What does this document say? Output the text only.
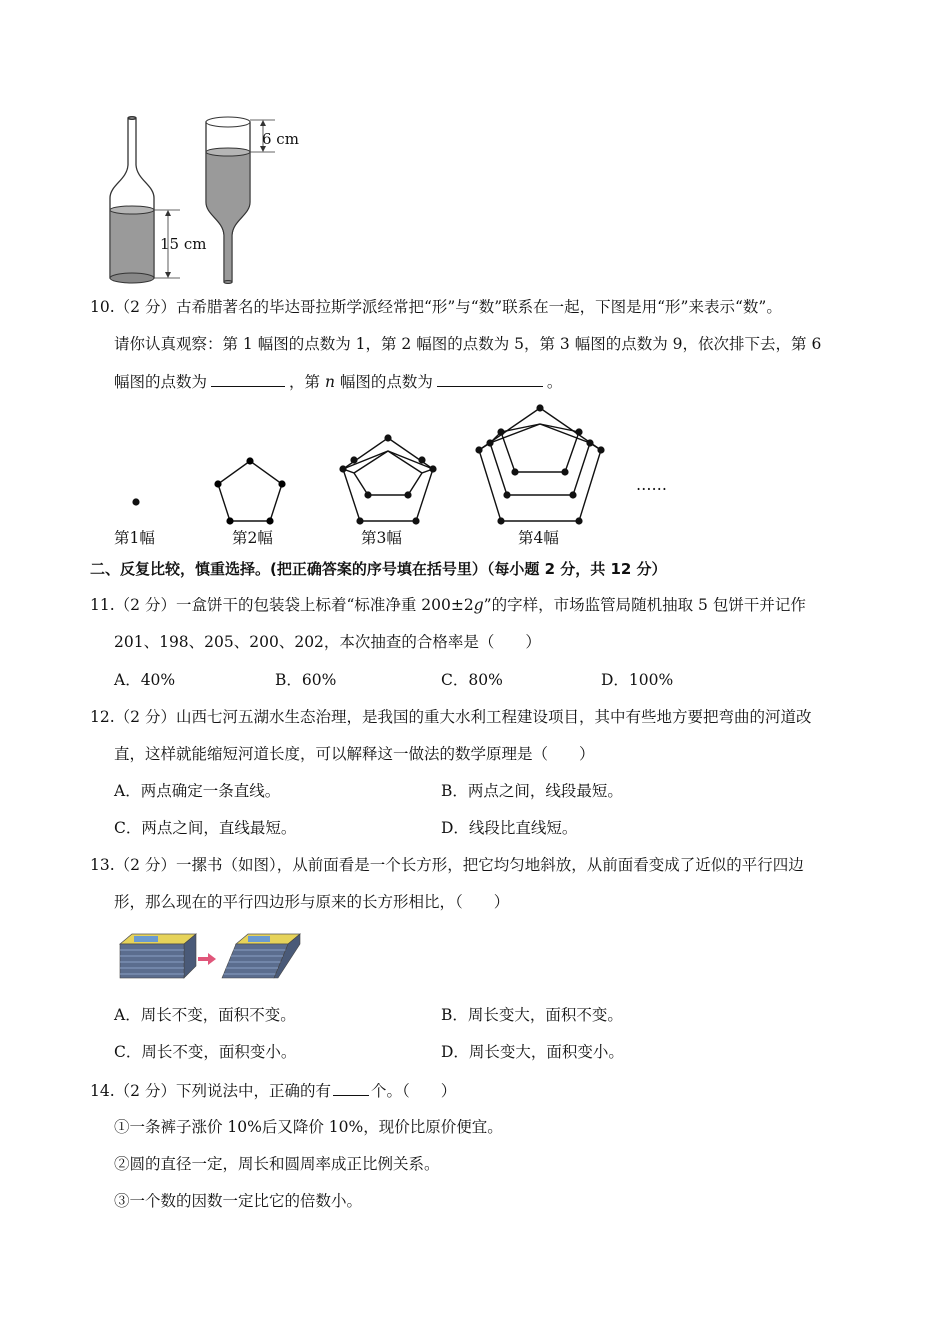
6 cm
15 cm
10.（2 分）古希腊著名的毕达哥拉斯学派经常把“形”与“数”联系在一起，下图是用“形”来表示“数”。
请你认真观察：第 1 幅图的点数为 1，第 2 幅图的点数为 5，第 3 幅图的点数为 9，依次排下去，第 6
幅图的点数为	，第 n 幅图的点数为	。
第1幅	第2幅	第3幅	第4幅
……
二、反复比较，慎重选择。(把正确答案的序号填在括号里）（每小题 2 分，共 12 分）
11.（2 分）一盒饼干的包装袋上标着“标准净重 200±2g”的字样，市场监管局随机抽取 5 包饼干并记作
201、198、205、200、202，本次抽查的合格率是（　　）
A．40%	B．60%	C．80%	D．100%
12.（2 分）山西七河五湖水生态治理，是我国的重大水利工程建设项目，其中有些地方要把弯曲的河道改
直，这样就能缩短河道长度，可以解释这一做法的数学原理是（　　）
A．两点确定一条直线。	B．两点之间，线段最短。
C．两点之间，直线最短。	D．线段比直线短。
13.（2 分）一摞书（如图），从前面看是一个长方形，把它均匀地斜放，从前面看变成了近似的平行四边
形，那么现在的平行四边形与原来的长方形相比，（　　）
A．周长不变，面积不变。	B．周长变大，面积不变。
C．周长不变，面积变小。	D．周长变大，面积变小。
14.（2 分）下列说法中，正确的有	个。（　　）
①一条裤子涨价 10%后又降价 10%，现价比原价便宜。
②圆的直径一定，周长和圆周率成正比例关系。
③一个数的因数一定比它的倍数小。
